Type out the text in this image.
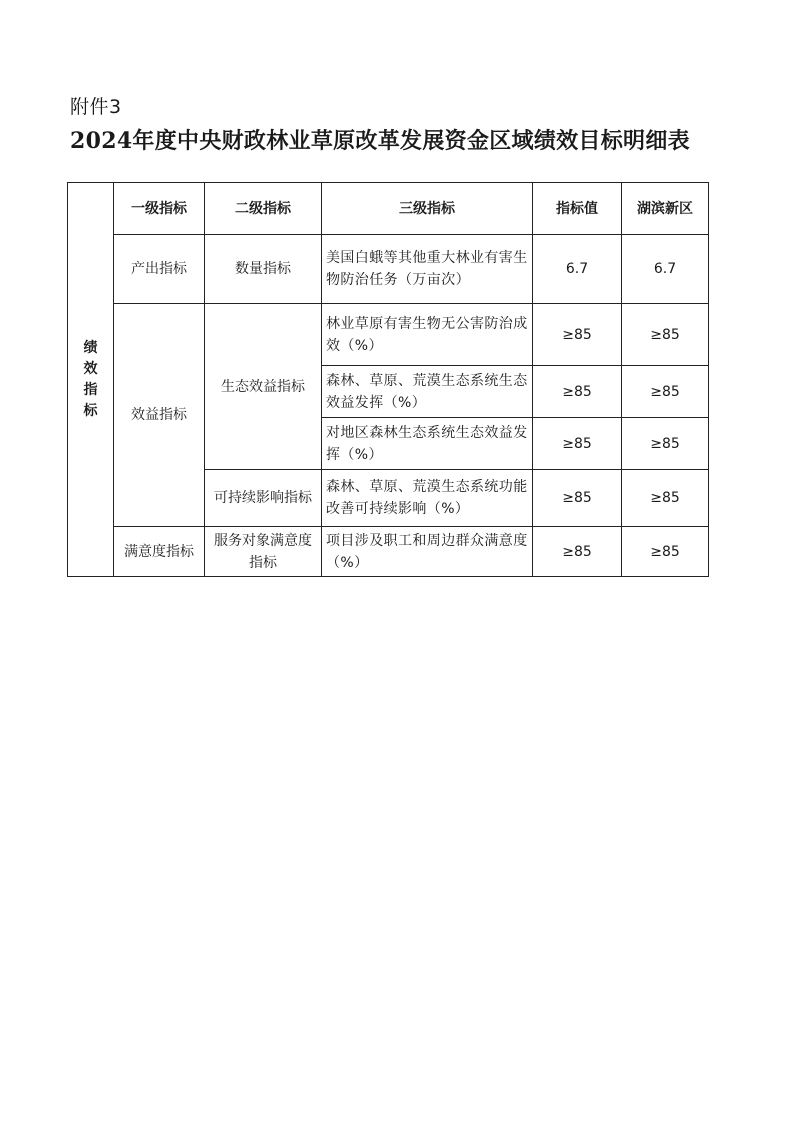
附件3
2024年度中央财政林业草原改革发展资金区域绩效目标明细表
绩效指标	一级指标	二级指标	三级指标	指标值	湖滨新区
	产出指标	数量指标	美国白蛾等其他重大林业有害生物防治任务（万亩次）	6.7	6.7
	效益指标	生态效益指标	林业草原有害生物无公害防治成效（%）	≥85	≥85
			森林、草原、荒漠生态系统生态效益发挥（%）	≥85	≥85
			对地区森林生态系统生态效益发挥（%）	≥85	≥85
		可持续影响指标	森林、草原、荒漠生态系统功能改善可持续影响（%）	≥85	≥85
	满意度指标	服务对象满意度指标	项目涉及职工和周边群众满意度（%）	≥85	≥85
